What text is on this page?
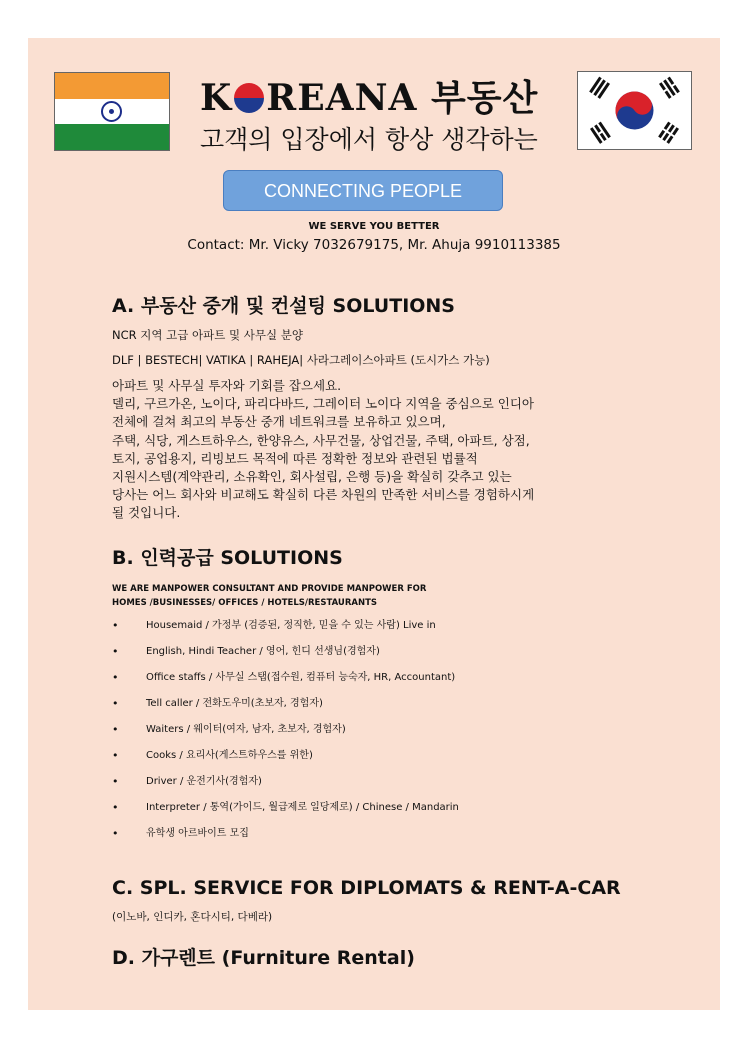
K REANA 부동산
고객의 입장에서 항상 생각하는
CONNECTING PEOPLE
WE SERVE YOU BETTER
Contact: Mr. Vicky 7032679175, Mr. Ahuja 9910113385
A. 부동산 중개 및 컨설팅 SOLUTIONS
NCR 지역 고급 아파트 및 사무실 분양
DLF | BESTECH| VATIKA | RAHEJA| 사라그레이스아파트 (도시가스 가능)
아파트 및 사무실 투자와 기회를 잡으세요.
델리, 구르가온, 노이다, 파리다바드, 그레이터 노이다 지역을 중심으로 인디아
전체에 걸쳐 최고의 부동산 중개 네트워크를 보유하고 있으며,
주택, 식당, 게스트하우스, 한양유스, 사무건물, 상업건물, 주택, 아파트, 상점,
토지, 공업용지, 리빙보드 목적에 따른 정확한 정보와 관련된 법률적
지원시스템(계약관리, 소유확인, 회사설립, 은행 등)을 확실히 갖추고 있는
당사는 어느 회사와 비교해도 확실히 다른 차원의 만족한 서비스를 경험하시게
될 것입니다.
B. 인력공급 SOLUTIONS
WE ARE MANPOWER CONSULTANT AND PROVIDE MANPOWER FOR
HOMES /BUSINESSES/ OFFICES / HOTELS/RESTAURANTS
• Housemaid / 가정부 (검증된, 정직한, 믿을 수 있는 사람) Live in
• English, Hindi Teacher / 영어, 힌디 선생님(경험자)
• Office staffs / 사무실 스탭(접수원, 컴퓨터 능숙자, HR, Accountant)
• Tell caller / 전화도우미(초보자, 경험자)
• Waiters / 웨이터(여자, 남자, 초보자, 경험자)
• Cooks / 요리사(게스트하우스를 위한)
• Driver / 운전기사(경험자)
• Interpreter / 통역(가이드, 월급제로 일당제로) / Chinese / Mandarin
• 유학생 아르바이트 모집
C. SPL. SERVICE FOR DIPLOMATS & RENT-A-CAR
(이노바, 인디카, 혼다시티, 다베라)
D. 가구렌트 (Furniture Rental)
